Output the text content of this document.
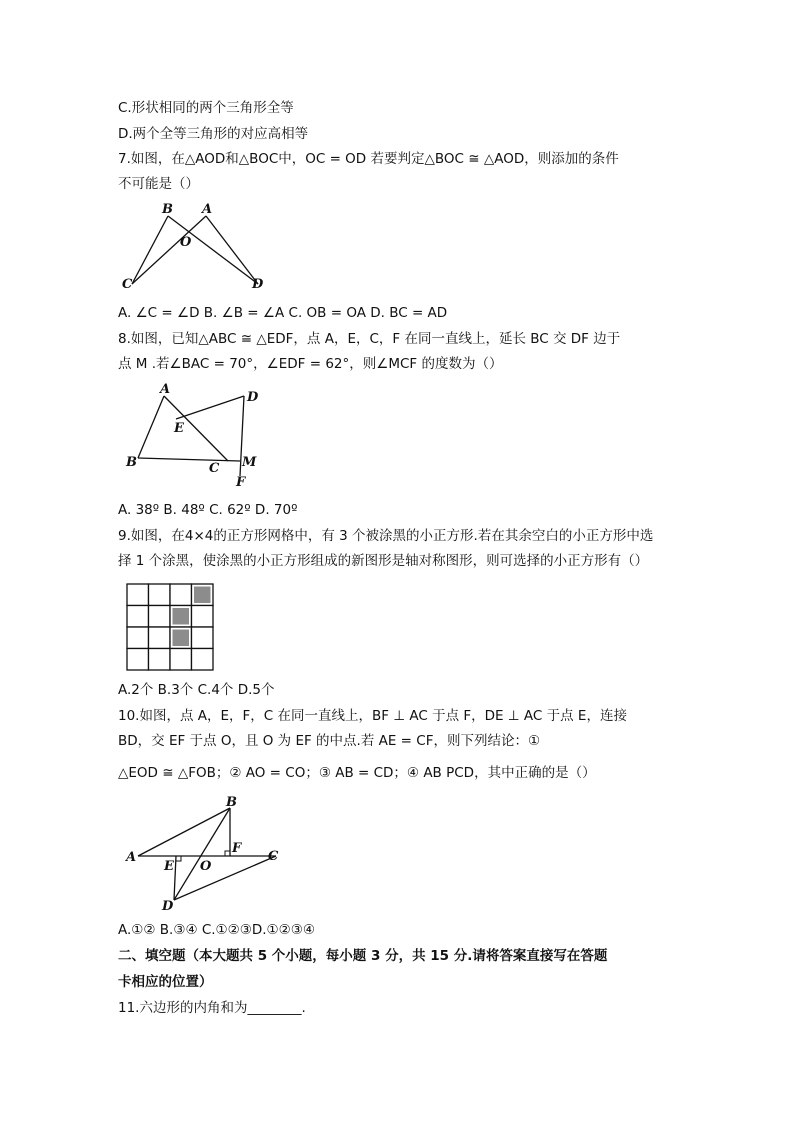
C.形状相同的两个三角形全等
D.两个全等三角形的对应高相等
7.如图，在△AOD和△BOC中，OC = OD 若要判定△BOC ≅ △AOD，则添加的条件
不可能是（）
B A
O
C	D
A. ∠C = ∠D B. ∠B = ∠A C. OB = OA D. BC = AD
8.如图，已知△ABC ≅ △EDF，点 A，E，C，F 在同一直线上，延长 BC 交 DF 边于
点 M .若∠BAC = 70°，∠EDF = 62°，则∠MCF 的度数为（）
A
D
E
B	C M
F
A. 38º B. 48º C. 62º D. 70º
9.如图，在4×4的正方形网格中，有 3 个被涂黑的小正方形.若在其余空白的小正方形中选
择 1 个涂黑，使涂黑的小正方形组成的新图形是轴对称图形，则可选择的小正方形有（）
A.2个 B.3个 C.4个 D.5个
10.如图，点 A，E，F，C 在同一直线上，BF ⊥ AC 于点 F，DE ⊥ AC 于点 E，连接
BD，交 EF 于点 O，且 O 为 EF 的中点.若 AE = CF，则下列结论：①
△EOD ≅ △FOB；② AO = CO；③ AB = CD；④ AB PCD，其中正确的是（）
B
A
E O
F
C
D
A.①② B.③④ C.①②③D.①②③④
二、填空题（本大题共 5 个小题，每小题 3 分，共 15 分.请将答案直接写在答题
卡相应的位置）
11.六边形的内角和为________.
